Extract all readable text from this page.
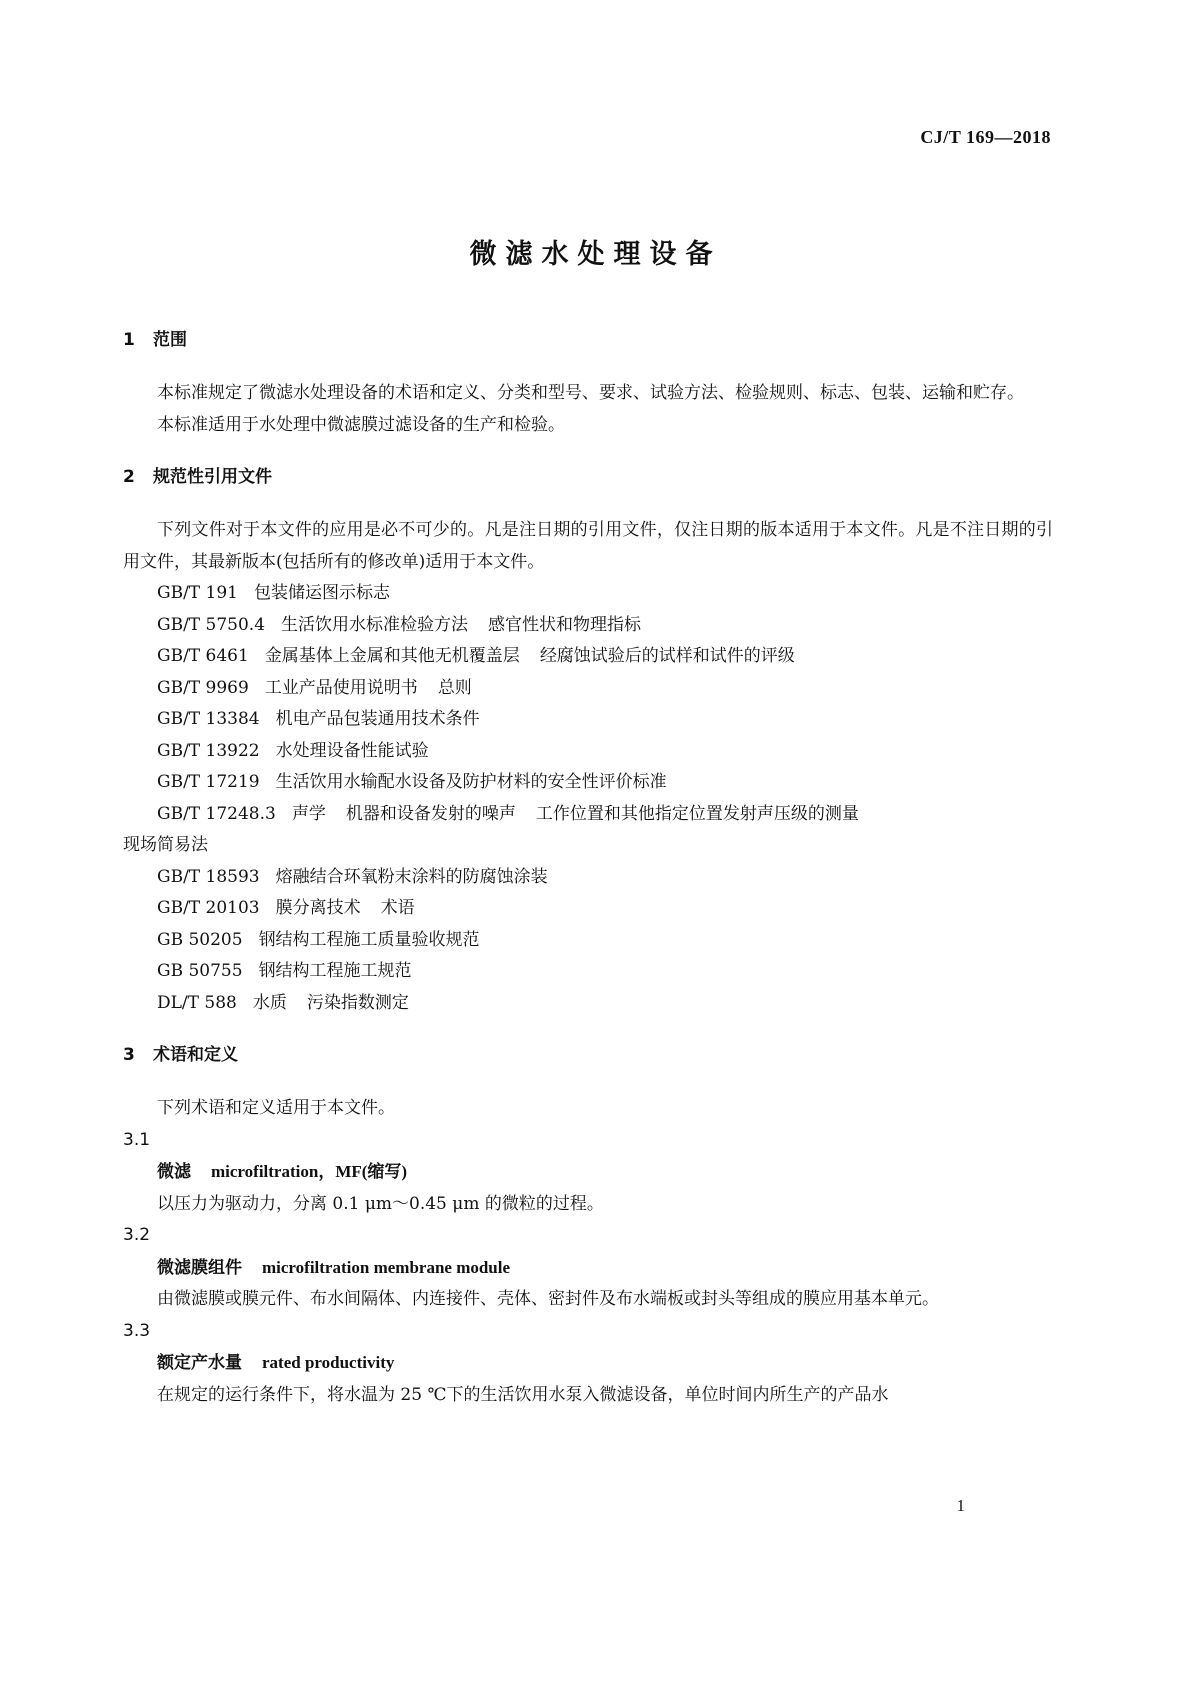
CJ/T 169—2018
微滤水处理设备
1 范围
本标准规定了微滤水处理设备的术语和定义、分类和型号、要求、试验方法、检验规则、标志、包装、运输和贮存。
本标准适用于水处理中微滤膜过滤设备的生产和检验。
2 规范性引用文件
下列文件对于本文件的应用是必不可少的。凡是注日期的引用文件，仅注日期的版本适用于本文件。凡是不注日期的引用文件，其最新版本(包括所有的修改单)适用于本文件。
GB/T 191 包装储运图示标志
GB/T 5750.4 生活饮用水标准检验方法 感官性状和物理指标
GB/T 6461 金属基体上金属和其他无机覆盖层 经腐蚀试验后的试样和试件的评级
GB/T 9969 工业产品使用说明书 总则
GB/T 13384 机电产品包装通用技术条件
GB/T 13922 水处理设备性能试验
GB/T 17219 生活饮用水输配水设备及防护材料的安全性评价标准
GB/T 17248.3 声学 机器和设备发射的噪声 工作位置和其他指定位置发射声压级的测量
现场简易法
GB/T 18593 熔融结合环氧粉末涂料的防腐蚀涂装
GB/T 20103 膜分离技术 术语
GB 50205 钢结构工程施工质量验收规范
GB 50755 钢结构工程施工规范
DL/T 588 水质 污染指数测定
3 术语和定义
下列术语和定义适用于本文件。
3.1
微滤 microfiltration，MF(缩写)
以压力为驱动力，分离 0.1 μm～0.45 μm 的微粒的过程。
3.2
微滤膜组件 microfiltration membrane module
由微滤膜或膜元件、布水间隔体、内连接件、壳体、密封件及布水端板或封头等组成的膜应用基本单元。
3.3
额定产水量 rated productivity
在规定的运行条件下，将水温为 25 ℃下的生活饮用水泵入微滤设备，单位时间内所生产的产品水
1
